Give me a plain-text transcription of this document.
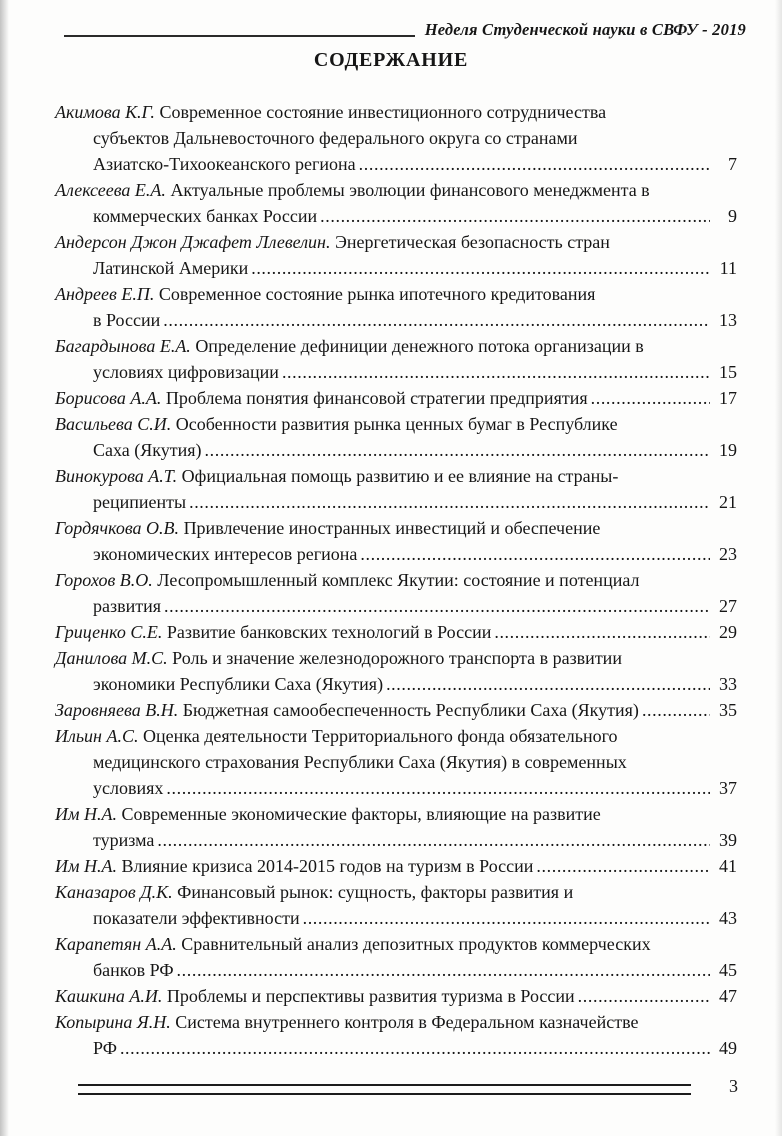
Неделя Студенческой науки в СВФУ - 2019
СОДЕРЖАНИЕ
Акимова К.Г. Современное состояние инвестиционного сотрудничества
субъектов Дальневосточного федерального округа со странами
Азиатско-Тихоокеанского региона .....	7
Алексеева Е.А. Актуальные проблемы эволюции финансового менеджмента в
коммерческих банках России .....	9
Андерсон Джон Джафет Ллевелин. Энергетическая безопасность стран
Латинской Америки .....	11
Андреев Е.П. Современное состояние рынка ипотечного кредитования
в России .....	13
Багардынова Е.А. Определение дефиниции денежного потока организации в
условиях цифровизации .....	15
Борисова А.А. Проблема понятия финансовой стратегии предприятия .....	17
Васильева С.И. Особенности развития рынка ценных бумаг в Республике
Саха (Якутия) .....	19
Винокурова А.Т. Официальная помощь развитию и ее влияние на страны-
реципиенты .....	21
Гордячкова О.В. Привлечение иностранных инвестиций и обеспечение
экономических интересов региона .....	23
Горохов В.О. Лесопромышленный комплекс Якутии: состояние и потенциал
развития .....	27
Гриценко С.Е. Развитие банковских технологий в России .....	29
Данилова М.С. Роль и значение железнодорожного транспорта в развитии
экономики Республики Саха (Якутия) .....	33
Заровняева В.Н. Бюджетная самообеспеченность Республики Саха (Якутия) .....	35
Ильин А.С. Оценка деятельности Территориального фонда обязательного
медицинского страхования Республики Саха (Якутия) в современных
условиях .....	37
Им Н.А. Современные экономические факторы, влияющие на развитие
туризма .....	39
Им Н.А. Влияние кризиса 2014-2015 годов на туризм в России .....	41
Каназаров Д.К. Финансовый рынок: сущность, факторы развития и
показатели эффективности .....	43
Карапетян А.А. Сравнительный анализ депозитных продуктов коммерческих
банков РФ .....	45
Кашкина А.И. Проблемы и перспективы развития туризма в России .....	47
Копырина Я.Н. Система внутреннего контроля в Федеральном казначействе
РФ .....	49
3
